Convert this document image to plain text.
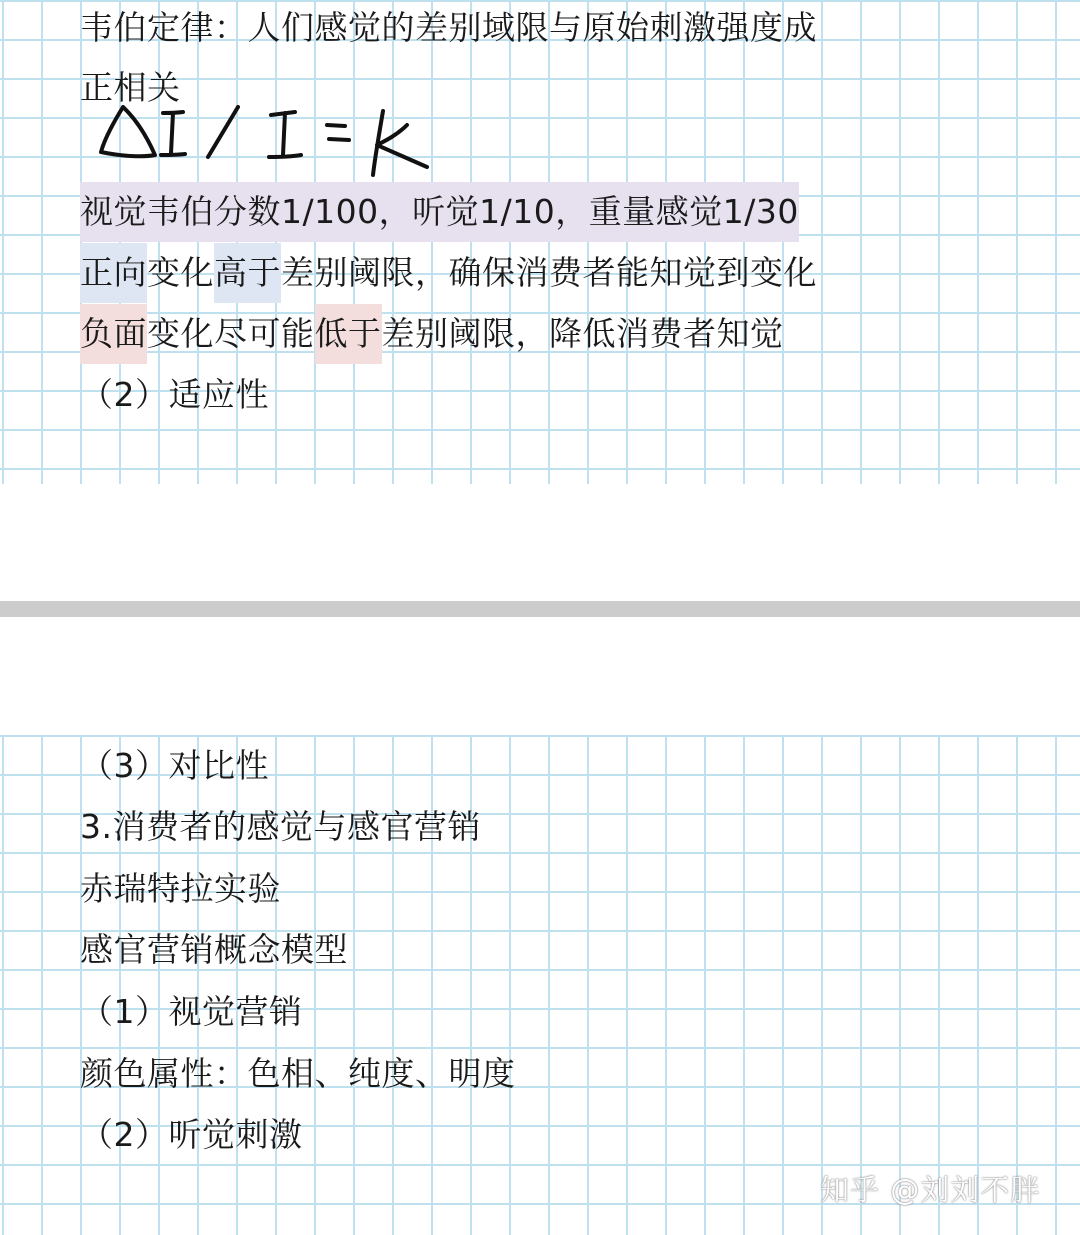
韦伯定律：人们感觉的差别域限与原始刺激强度成
正相关
视觉韦伯分数1/100，听觉1/10，重量感觉1/30
正向变化高于差别阈限，确保消费者能知觉到变化
负面变化尽可能低于差别阈限，降低消费者知觉
（2）适应性
（3）对比性
3.消费者的感觉与感官营销
赤瑞特拉实验
感官营销概念模型
（1）视觉营销
颜色属性：色相、纯度、明度
（2）听觉刺激
知乎 @刘刘不胖
